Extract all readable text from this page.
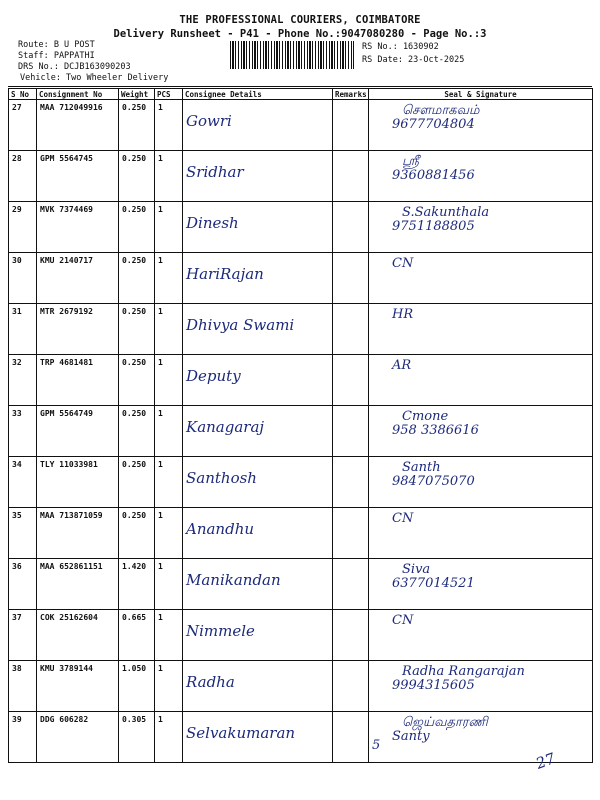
THE PROFESSIONAL COURIERS, COIMBATORE
Delivery Runsheet - P41 - Phone No.:9047080280 - Page No.:3
Route: B U POST
Staff: PAPPATHI
DRS No.: DCJB163090203
Vehicle: Two Wheeler Delivery
RS No.: 1630902
RS Date: 23-Oct-2025
S No	Consignment No	Weight	PCS	Consignee Details	Remarks	Seal & Signature
27	MAA 712049916	0.250	1	Gowri		சௌமாகவம்
9677704804

28	GPM 5564745	0.250	1	Sridhar		ஸ்ரீ
9360881456

29	MVK 7374469	0.250	1	Dinesh		S.Sakunthala
9751188805

30	KMU 2140717	0.250	1	HariRajan		CN

31	MTR 2679192	0.250	1	Dhivya Swami		HR

32	TRP 4681481	0.250	1	Deputy		AR

33	GPM 5564749	0.250	1	Kanagaraj		Cmone
958 3386616

34	TLY 11033981	0.250	1	Santhosh		Santh
9847075070

35	MAA 713871059	0.250	1	Anandhu		CN

36	MAA 652861151	1.420	1	Manikandan		Siva
6377014521

37	COK 25162604	0.665	1	Nimmele		CN

38	KMU 3789144	1.050	1	Radha		Radha Rangarajan
9994315605

39	DDG 606282	0.305	1	Selvakumaran		ஜெய்வதாரணி
Santy
5
27
